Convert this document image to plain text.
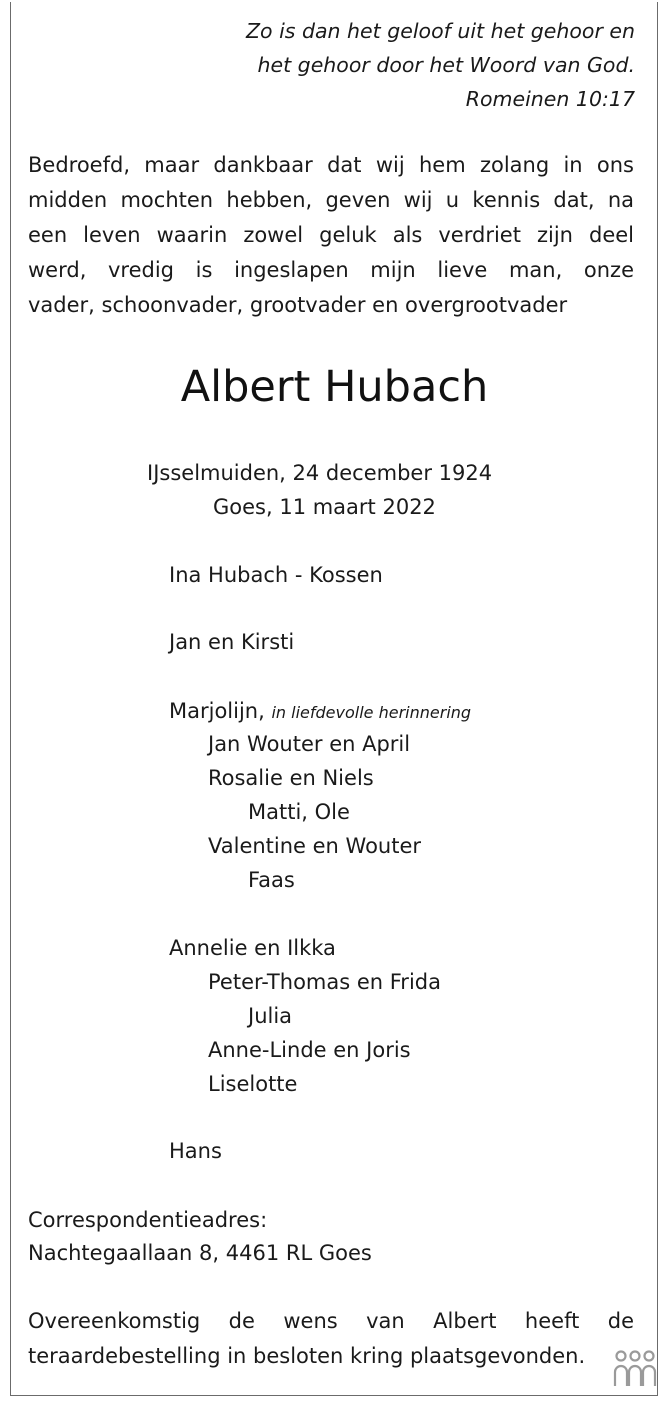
Zo is dan het geloof uit het gehoor en
het gehoor door het Woord van God.
Romeinen 10:17
Bedroefd, maar dankbaar dat wij hem zolang in ons
midden mochten hebben, geven wij u kennis dat, na
een leven waarin zowel geluk als verdriet zijn deel
werd, vredig is ingeslapen mijn lieve man, onze
vader, schoonvader, grootvader en overgrootvader
Albert Hubach
IJsselmuiden, 24 december 1924
Goes, 11 maart 2022
Ina Hubach - Kossen
Jan en Kirsti
Marjolijn, in liefdevolle herinnering
Jan Wouter en April
Rosalie en Niels
Matti, Ole
Valentine en Wouter
Faas
Annelie en Ilkka
Peter-Thomas en Frida
Julia
Anne-Linde en Joris
Liselotte
Hans
Correspondentieadres:
Nachtegaallaan 8, 4461 RL Goes
Overeenkomstig de wens van Albert heeft de
teraardebestelling in besloten kring plaatsgevonden.
